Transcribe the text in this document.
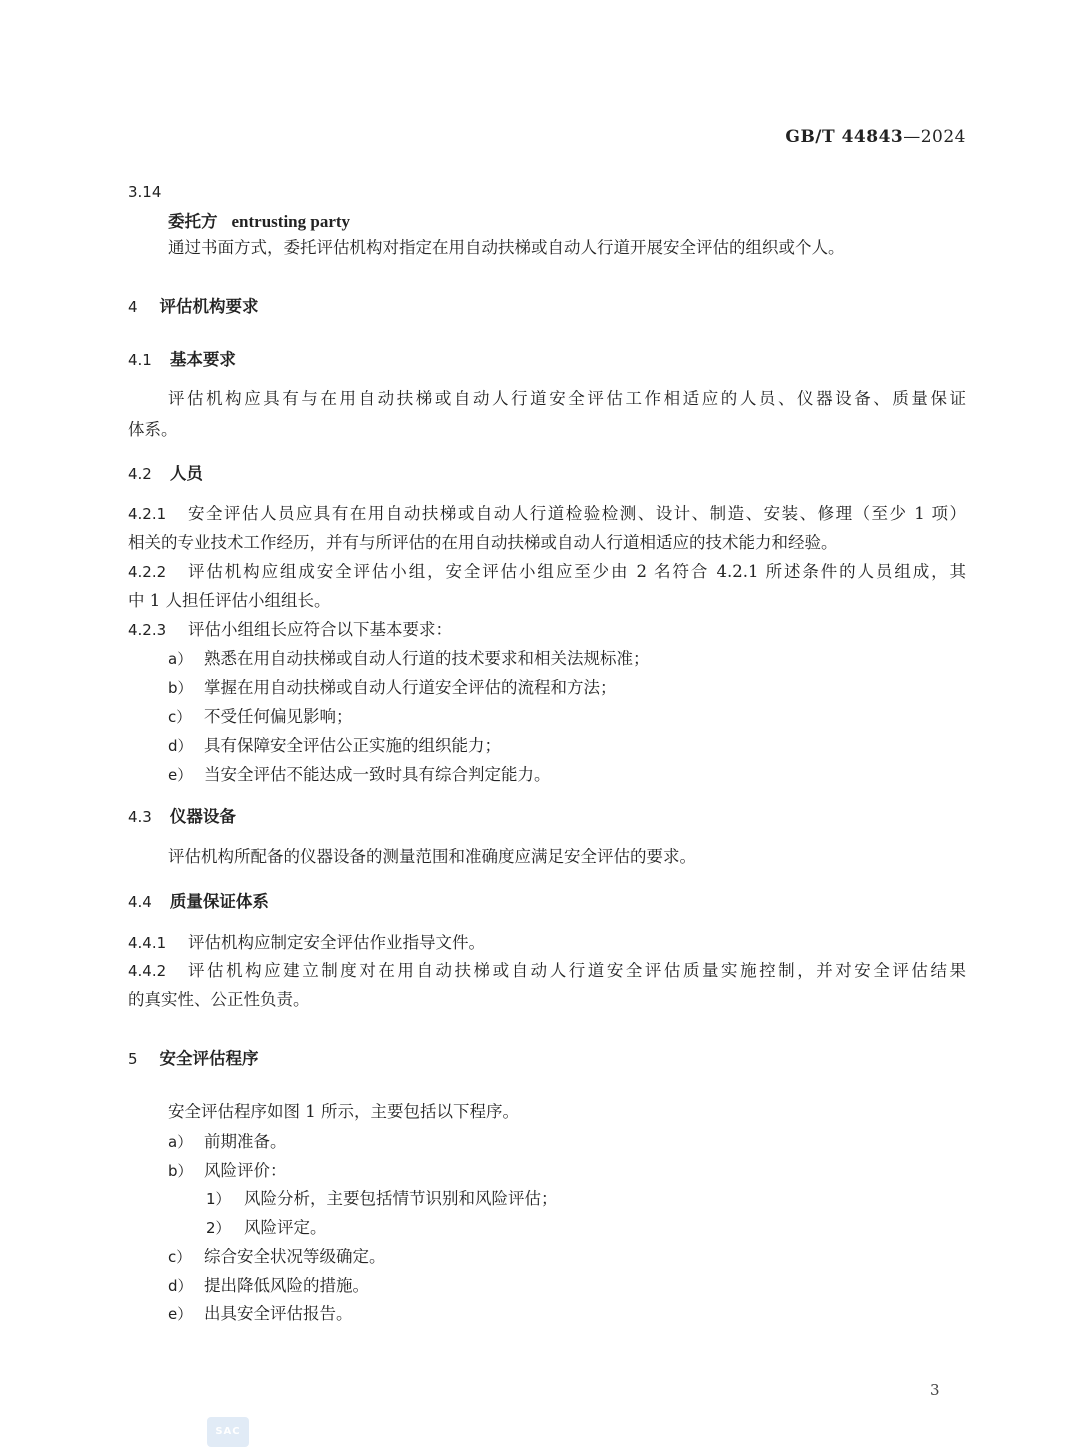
GB/T 44843—2024
3.14
委托方 entrusting party
通过书面方式，委托评估机构对指定在用自动扶梯或自动人行道开展安全评估的组织或个人。
4 评估机构要求
4.1 基本要求
评估机构应具有与在用自动扶梯或自动人行道安全评估工作相适应的人员、仪器设备、质量保证
体系。
4.2 人员
4.2.1 安全评估人员应具有在用自动扶梯或自动人行道检验检测、设计、制造、安装、修理（至少 1 项）
相关的专业技术工作经历，并有与所评估的在用自动扶梯或自动人行道相适应的技术能力和经验。
4.2.2 评估机构应组成安全评估小组，安全评估小组应至少由 2 名符合 4.2.1 所述条件的人员组成，其
中 1 人担任评估小组组长。
4.2.3 评估小组组长应符合以下基本要求：
a） 熟悉在用自动扶梯或自动人行道的技术要求和相关法规标准；
b） 掌握在用自动扶梯或自动人行道安全评估的流程和方法；
c） 不受任何偏见影响；
d） 具有保障安全评估公正实施的组织能力；
e） 当安全评估不能达成一致时具有综合判定能力。
4.3 仪器设备
评估机构所配备的仪器设备的测量范围和准确度应满足安全评估的要求。
4.4 质量保证体系
4.4.1 评估机构应制定安全评估作业指导文件。
4.4.2 评估机构应建立制度对在用自动扶梯或自动人行道安全评估质量实施控制，并对安全评估结果
的真实性、公正性负责。
5 安全评估程序
安全评估程序如图 1 所示，主要包括以下程序。
a） 前期准备。
b） 风险评价：
1） 风险分析，主要包括情节识别和风险评估；
2） 风险评定。
c） 综合安全状况等级确定。
d） 提出降低风险的措施。
e） 出具安全评估报告。
3
SAC
